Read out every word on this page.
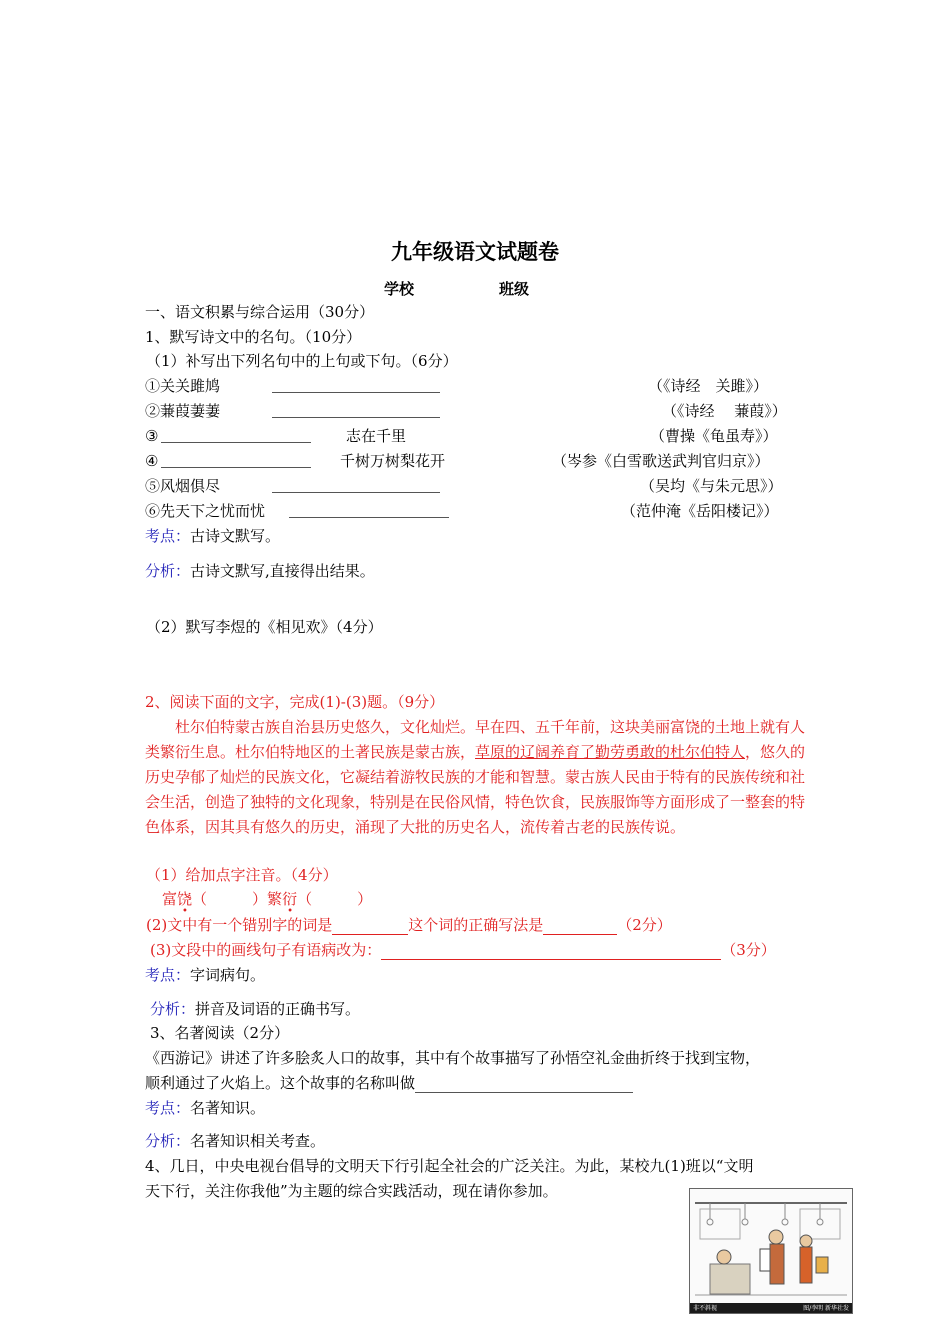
九年级语文试题卷
学校	班级
一、语文积累与综合运用（30分）
1、默写诗文中的名句。（10分）
（1）补写出下列名句中的上句或下句。（6分）
①关关雎鸠	（《诗经　关雎》）
②蒹葭萋萋	（《诗经　 蒹葭》）
③	志在千里	（曹操《龟虽寿》）
④	千树万树梨花开	（岑参《白雪歌送武判官归京》）
⑤风烟俱尽	（吴均《与朱元思》）
⑥先天下之忧而忧	（范仲淹《岳阳楼记》）
考点：古诗文默写。
分析：古诗文默写,直接得出结果。
（2）默写李煜的《相见欢》（4分）
2、阅读下面的文字，完成(1)-(3)题。（9分）
杜尔伯特蒙古族自治县历史悠久，文化灿烂。早在四、五千年前，这块美丽富饶的土地上就有人类繁衍生息。杜尔伯特地区的土著民族是蒙古族，草原的辽阔养育了勤劳勇敢的杜尔伯特人，悠久的历史孕郁了灿烂的民族文化，它凝结着游牧民族的才能和智慧。蒙古族人民由于特有的民族传统和社会生活，创造了独特的文化现象，特别是在民俗风情，特色饮食，民族服饰等方面形成了一整套的特色体系，因其具有悠久的历史，涌现了大批的历史名人，流传着古老的民族传说。
（1）给加点字注音。（4分）
富饶（　　　）繁衍（　　　）
(2)文中有一个错别字的词是	这个词的正确写法是	（2分）
(3)文段中的画线句子有语病改为：	（3分）
考点：字词病句。
分析：拼音及词语的正确书写。
3、名著阅读（2分）
《西游记》讲述了许多脍炙人口的故事，其中有个故事描写了孙悟空礼金曲折终于找到宝物，
顺利通过了火焰上。这个故事的名称叫做
考点：名著知识。
分析：名著知识相关考查。
4、几日，中央电视台倡导的文明天下行引起全社会的广泛关注。为此，某校九(1)班以“文明
天下行，关注你我他”为主题的综合实践活动，现在请你参加。
非不斜视	图/李明 新华社发
